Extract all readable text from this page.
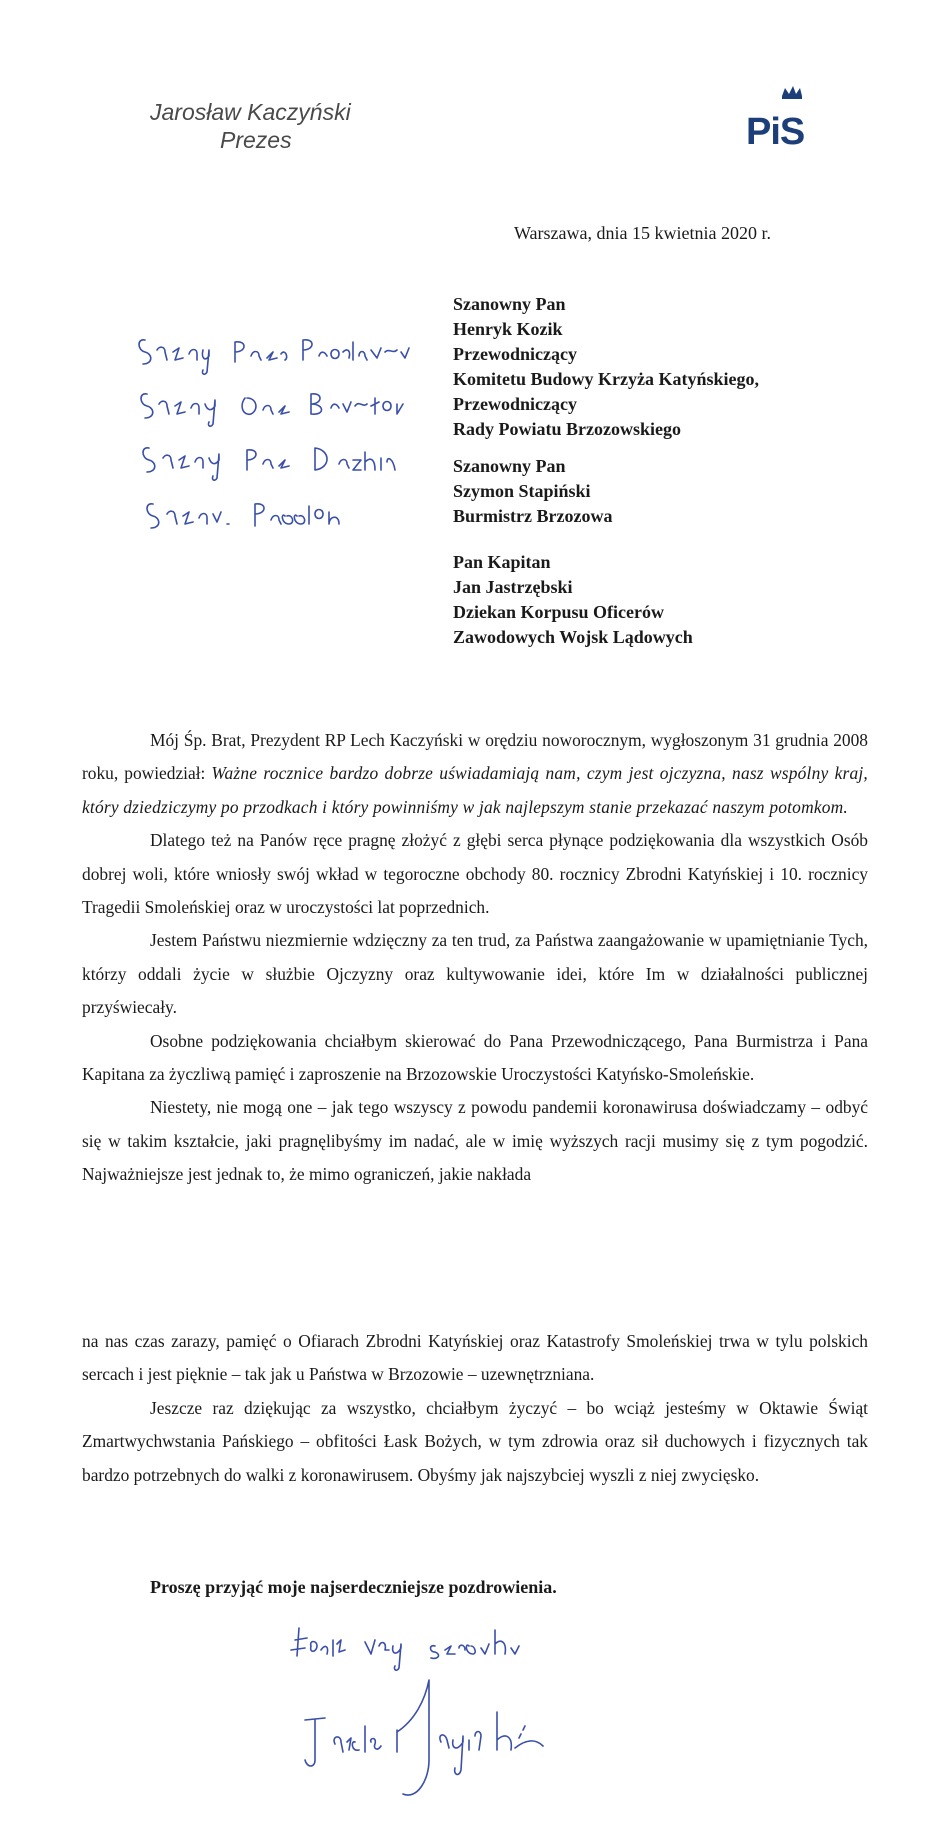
Jarosław Kaczyński
Prezes	PiS
Warszawa, dnia 15 kwietnia 2020 r.
Szanowny Pan
Henryk Kozik
Przewodniczący
Komitetu Budowy Krzyża Katyńskiego,
Przewodniczący
Rady Powiatu Brzozowskiego
Szanowny Pan
Szymon Stapiński
Burmistrz Brzozowa
Pan Kapitan
Jan Jastrzębski
Dziekan Korpusu Oficerów
Zawodowych Wojsk Lądowych

Mój Śp. Brat, Prezydent RP Lech Kaczyński w orędziu noworocznym, wygłoszonym 31 grudnia 2008 roku, powiedział: Ważne rocznice bardzo dobrze uświadamiają nam, czym jest ojczyzna, nasz wspólny kraj, który dziedziczymy po przodkach i który powinniśmy w jak najlepszym stanie przekazać naszym potomkom.

Dlatego też na Panów ręce pragnę złożyć z głębi serca płynące podziękowania dla wszystkich Osób dobrej woli, które wniosły swój wkład w tegoroczne obchody 80. rocznicy Zbrodni Katyńskiej i 10. rocznicy Tragedii Smoleńskiej oraz w uroczystości lat poprzednich.

Jestem Państwu niezmiernie wdzięczny za ten trud, za Państwa zaangażowanie w upamiętnianie Tych, którzy oddali życie w służbie Ojczyzny oraz kultywowanie idei, które Im w działalności publicznej przyświecały.

Osobne podziękowania chciałbym skierować do Pana Przewodniczącego, Pana Burmistrza i Pana Kapitana za życzliwą pamięć i zaproszenie na Brzozowskie Uroczystości Katyńsko-Smoleńskie.

Niestety, nie mogą one – jak tego wszyscy z powodu pandemii koronawirusa doświadczamy – odbyć się w takim kształcie, jaki pragnęlibyśmy im nadać, ale w imię wyższych racji musimy się z tym pogodzić. Najważniejsze jest jednak to, że mimo ograniczeń, jakie nakłada

na nas czas zarazy, pamięć o Ofiarach Zbrodni Katyńskiej oraz Katastrofy Smoleńskiej trwa w tylu polskich sercach i jest pięknie – tak jak u Państwa w Brzozowie – uzewnętrzniana.

Jeszcze raz dziękując za wszystko, chciałbym życzyć – bo wciąż jesteśmy w Oktawie Świąt Zmartwychwstania Pańskiego – obfitości Łask Bożych, w tym zdrowia oraz sił duchowych i fizycznych tak bardzo potrzebnych do walki z koronawirusem. Obyśmy jak najszybciej wyszli z niej zwycięsko.

Proszę przyjąć moje najserdeczniejsze pozdrowienia.
